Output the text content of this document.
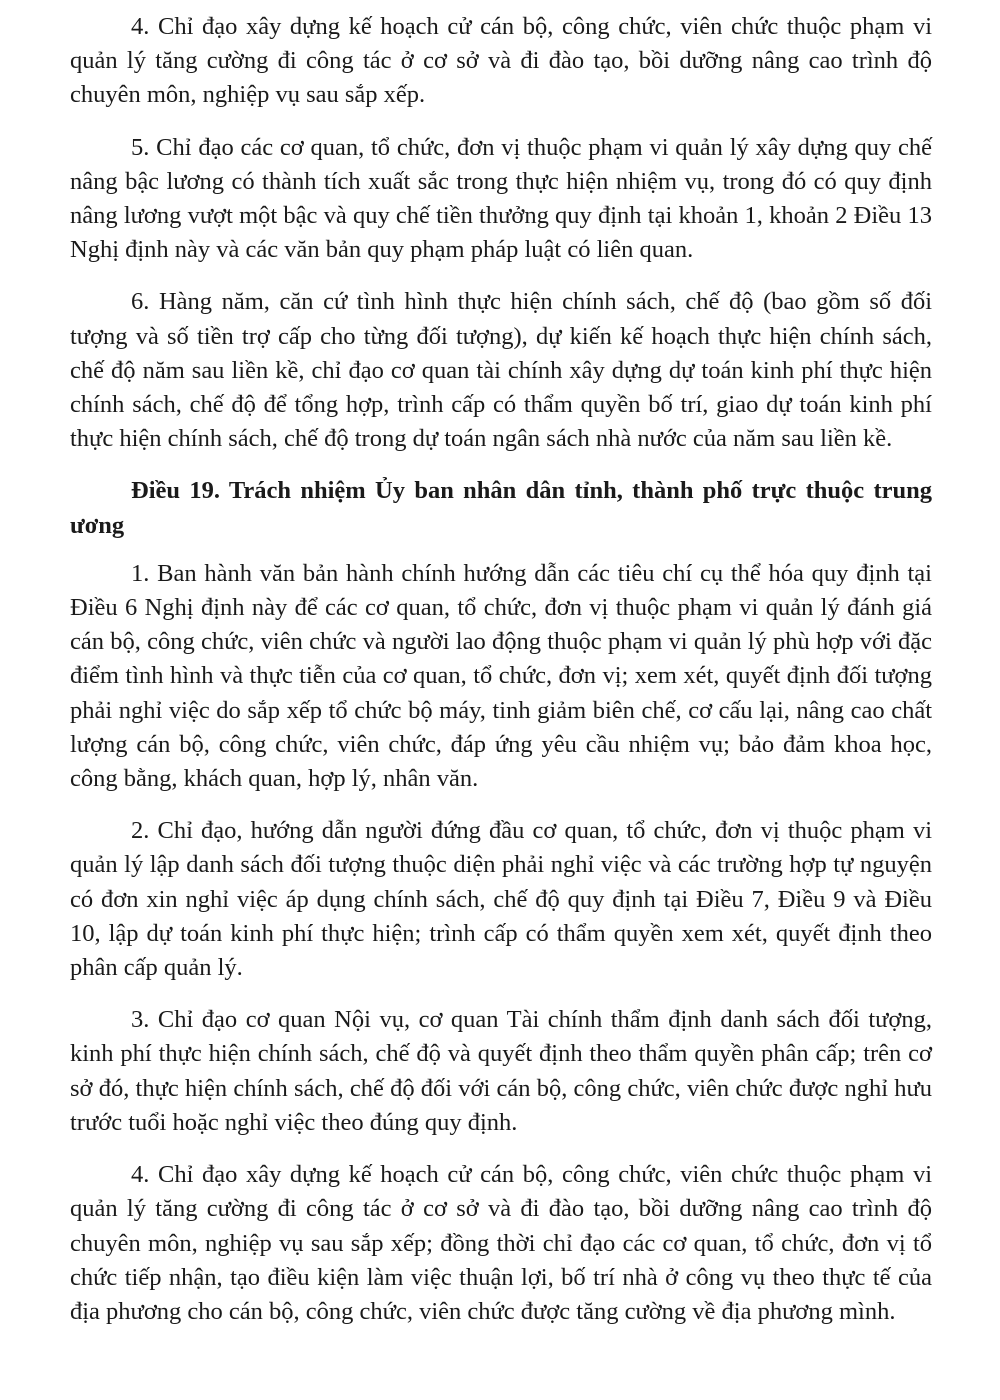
4. Chỉ đạo xây dựng kế hoạch cử cán bộ, công chức, viên chức thuộc phạm vi quản lý tăng cường đi công tác ở cơ sở và đi đào tạo, bồi dưỡng nâng cao trình độ chuyên môn, nghiệp vụ sau sắp xếp.

5. Chỉ đạo các cơ quan, tổ chức, đơn vị thuộc phạm vi quản lý xây dựng quy chế nâng bậc lương có thành tích xuất sắc trong thực hiện nhiệm vụ, trong đó có quy định nâng lương vượt một bậc và quy chế tiền thưởng quy định tại khoản 1, khoản 2 Điều 13 Nghị định này và các văn bản quy phạm pháp luật có liên quan.

6. Hàng năm, căn cứ tình hình thực hiện chính sách, chế độ (bao gồm số đối tượng và số tiền trợ cấp cho từng đối tượng), dự kiến kế hoạch thực hiện chính sách, chế độ năm sau liền kề, chỉ đạo cơ quan tài chính xây dựng dự toán kinh phí thực hiện chính sách, chế độ để tổng hợp, trình cấp có thẩm quyền bố trí, giao dự toán kinh phí thực hiện chính sách, chế độ trong dự toán ngân sách nhà nước của năm sau liền kề.

Điều 19. Trách nhiệm Ủy ban nhân dân tỉnh, thành phố trực thuộc trung ương

1. Ban hành văn bản hành chính hướng dẫn các tiêu chí cụ thể hóa quy định tại Điều 6 Nghị định này để các cơ quan, tổ chức, đơn vị thuộc phạm vi quản lý đánh giá cán bộ, công chức, viên chức và người lao động thuộc phạm vi quản lý phù hợp với đặc điểm tình hình và thực tiễn của cơ quan, tổ chức, đơn vị; xem xét, quyết định đối tượng phải nghỉ việc do sắp xếp tổ chức bộ máy, tinh giảm biên chế, cơ cấu lại, nâng cao chất lượng cán bộ, công chức, viên chức, đáp ứng yêu cầu nhiệm vụ; bảo đảm khoa học, công bằng, khách quan, hợp lý, nhân văn.

2. Chỉ đạo, hướng dẫn người đứng đầu cơ quan, tổ chức, đơn vị thuộc phạm vi quản lý lập danh sách đối tượng thuộc diện phải nghỉ việc và các trường hợp tự nguyện có đơn xin nghỉ việc áp dụng chính sách, chế độ quy định tại Điều 7, Điều 9 và Điều 10, lập dự toán kinh phí thực hiện; trình cấp có thẩm quyền xem xét, quyết định theo phân cấp quản lý.

3. Chỉ đạo cơ quan Nội vụ, cơ quan Tài chính thẩm định danh sách đối tượng, kinh phí thực hiện chính sách, chế độ và quyết định theo thẩm quyền phân cấp; trên cơ sở đó, thực hiện chính sách, chế độ đối với cán bộ, công chức, viên chức được nghỉ hưu trước tuổi hoặc nghỉ việc theo đúng quy định.

4. Chỉ đạo xây dựng kế hoạch cử cán bộ, công chức, viên chức thuộc phạm vi quản lý tăng cường đi công tác ở cơ sở và đi đào tạo, bồi dưỡng nâng cao trình độ chuyên môn, nghiệp vụ sau sắp xếp; đồng thời chỉ đạo các cơ quan, tổ chức, đơn vị tổ chức tiếp nhận, tạo điều kiện làm việc thuận lợi, bố trí nhà ở công vụ theo thực tế của địa phương cho cán bộ, công chức, viên chức được tăng cường về địa phương mình.
